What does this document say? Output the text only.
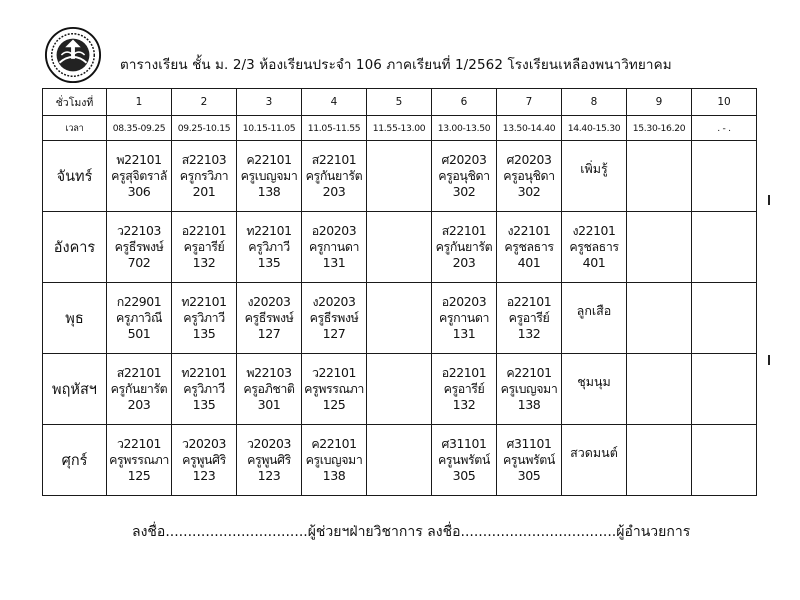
ตารางเรียน ชั้น ม. 2/3 ห้องเรียนประจำ 106 ภาคเรียนที่ 1/2562 โรงเรียนเหลืองพนาวิทยาคม
ชั่วโมงที่	1	2	3	4	5	6	7	8	9	10
เวลา	08.35-09.25	09.25-10.15	10.15-11.05	11.05-11.55	11.55-13.00	13.00-13.50	13.50-14.40	14.40-15.30	15.30-16.20	. - .
จันทร์	พ22101
ครูสุจิตราลั
306	ส22103
ครูกรวิภา
201	ค22101
ครูเบญจมา
138	ส22101
ครูกันยารัต
203		ศ20203
ครูอนุชิดา
302	ศ20203
ครูอนุชิดา
302	เพิ่มรู้		

อังคาร	ว22103
ครูธีรพงษ์
702	อ22101
ครูอารีย์
132	ท22101
ครูวิภาวี
135	อ20203
ครูกานดา
131		ส22101
ครูกันยารัต
203	ง22101
ครูชลธาร
401	ง22101
ครูชลธาร
401		

พุธ	ก22901
ครูภาวิณี
501	ท22101
ครูวิภาวี
135	ง20203
ครูธีรพงษ์
127	ง20203
ครูธีรพงษ์
127		อ20203
ครูกานดา
131	อ22101
ครูอารีย์
132	ลูกเสือ		

พฤหัสฯ	ส22101
ครูกันยารัต
203	ท22101
ครูวิภาวี
135	พ22103
ครูอภิชาติ
301	ว22101
ครูพรรณภา
125		อ22101
ครูอารีย์
132	ค22101
ครูเบญจมา
138	ชุมนุม		

ศุกร์	ว22101
ครูพรรณภา
125	ว20203
ครูพูนศิริ
123	ว20203
ครูพูนศิริ
123	ค22101
ครูเบญจมา
138		ศ31101
ครูนพรัตน์
305	ศ31101
ครูนพรัตน์
305	สวดมนต์		

ลงชื่อ................................ผู้ช่วยฯฝ่ายวิชาการ ลงชื่อ...................................ผู้อำนวยการ
